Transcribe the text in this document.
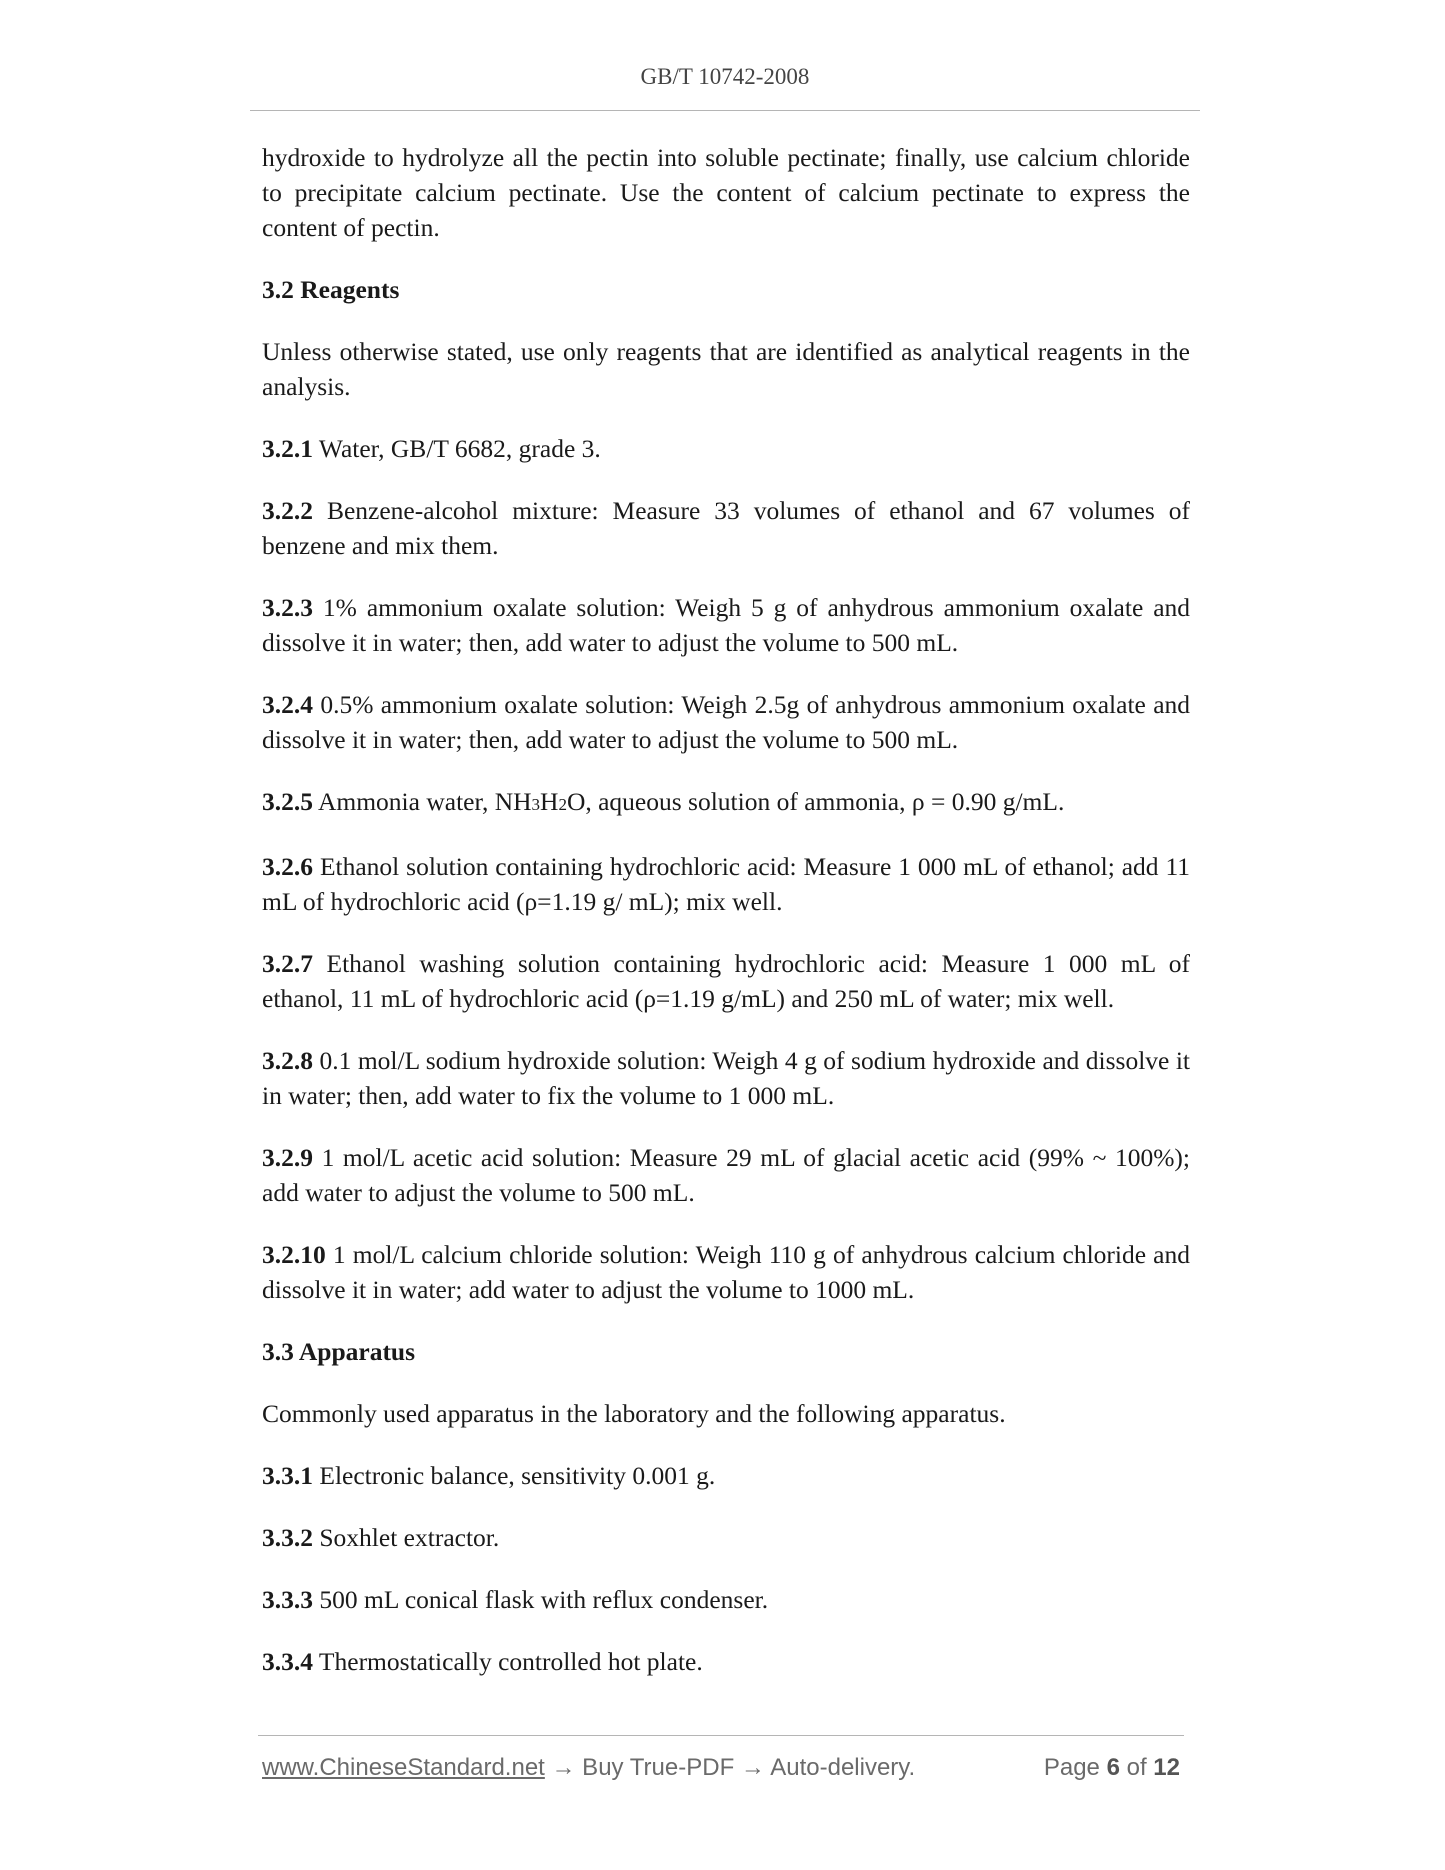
GB/T 10742-2008

hydroxide to hydrolyze all the pectin into soluble pectinate; finally, use calcium chloride to precipitate calcium pectinate. Use the content of calcium pectinate to express the content of pectin.

3.2 Reagents

Unless otherwise stated, use only reagents that are identified as analytical reagents in the analysis.

3.2.1 Water, GB/T 6682, grade 3.

3.2.2 Benzene-alcohol mixture: Measure 33 volumes of ethanol and 67 volumes of benzene and mix them.

3.2.3 1% ammonium oxalate solution: Weigh 5 g of anhydrous ammonium oxalate and dissolve it in water; then, add water to adjust the volume to 500 mL.

3.2.4 0.5% ammonium oxalate solution: Weigh 2.5g of anhydrous ammonium oxalate and dissolve it in water; then, add water to adjust the volume to 500 mL.

3.2.5 Ammonia water, NH3H2O, aqueous solution of ammonia, ρ = 0.90 g/mL.

3.2.6 Ethanol solution containing hydrochloric acid: Measure 1 000 mL of ethanol; add 11 mL of hydrochloric acid (ρ=1.19 g/ mL); mix well.

3.2.7 Ethanol washing solution containing hydrochloric acid: Measure 1 000 mL of ethanol, 11 mL of hydrochloric acid (ρ=1.19 g/mL) and 250 mL of water; mix well.

3.2.8 0.1 mol/L sodium hydroxide solution: Weigh 4 g of sodium hydroxide and dissolve it in water; then, add water to fix the volume to 1 000 mL.

3.2.9 1 mol/L acetic acid solution: Measure 29 mL of glacial acetic acid (99% ~ 100%); add water to adjust the volume to 500 mL.

3.2.10 1 mol/L calcium chloride solution: Weigh 110 g of anhydrous calcium chloride and dissolve it in water; add water to adjust the volume to 1000 mL.

3.3 Apparatus

Commonly used apparatus in the laboratory and the following apparatus.

3.3.1 Electronic balance, sensitivity 0.001 g.

3.3.2 Soxhlet extractor.

3.3.3 500 mL conical flask with reflux condenser.

3.3.4 Thermostatically controlled hot plate.

www.ChineseStandard.net → Buy True-PDF → Auto-delivery.	Page 6 of 12
